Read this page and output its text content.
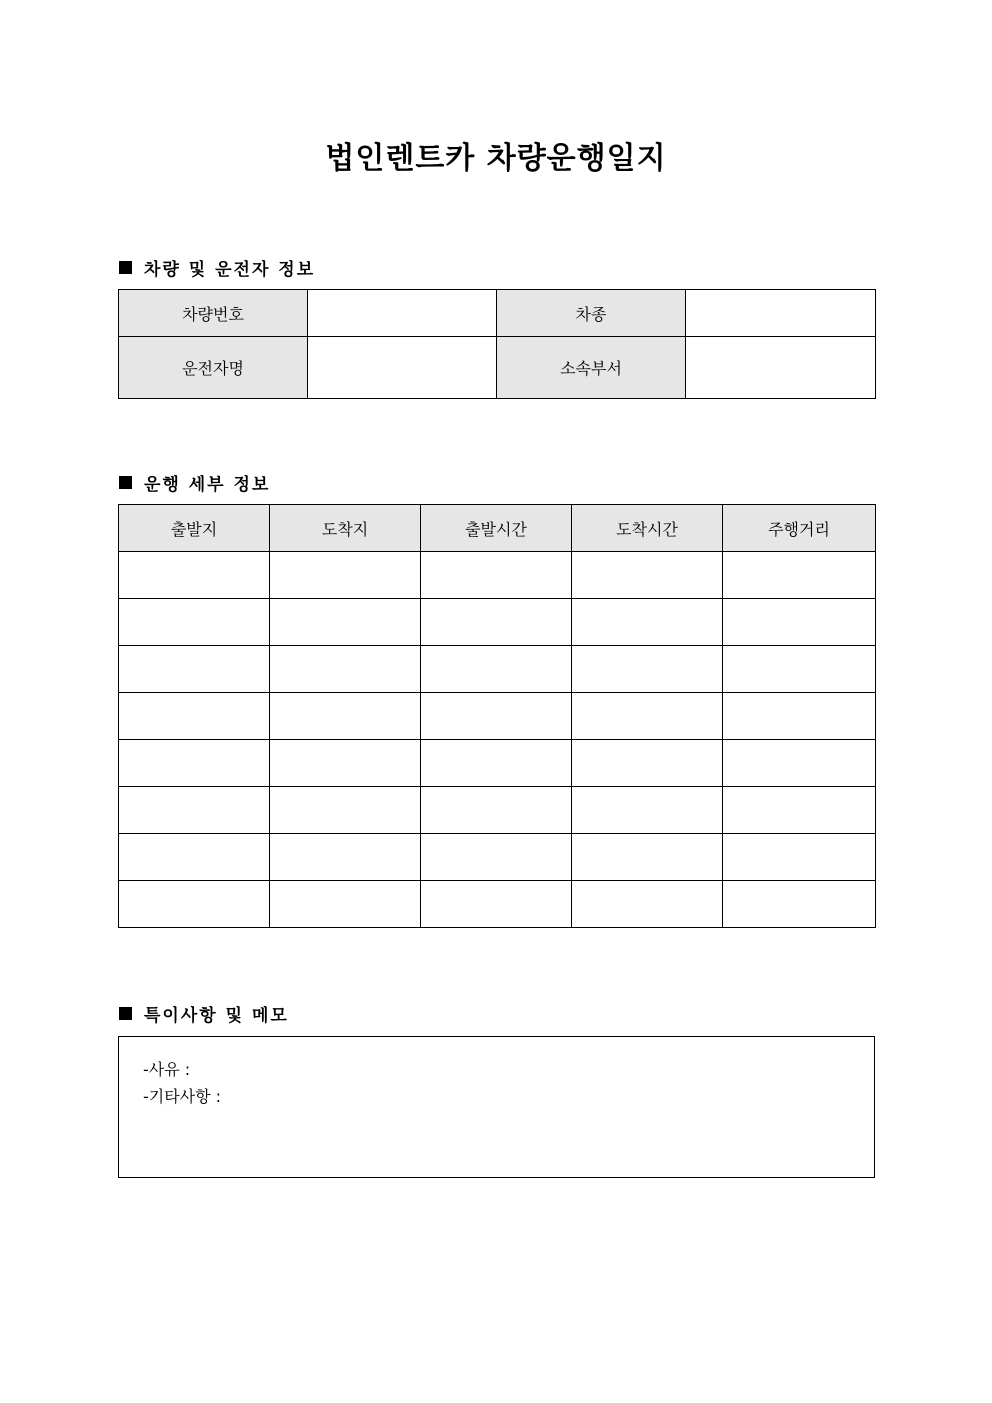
법인렌트카 차량운행일지
차량 및 운전자 정보
차량번호		차종	
운전자명		소속부서	
운행 세부 정보
출발지	도착지	출발시간	도착시간	주행거리

특이사항 및 메모
-사유 :
-기타사항 :
